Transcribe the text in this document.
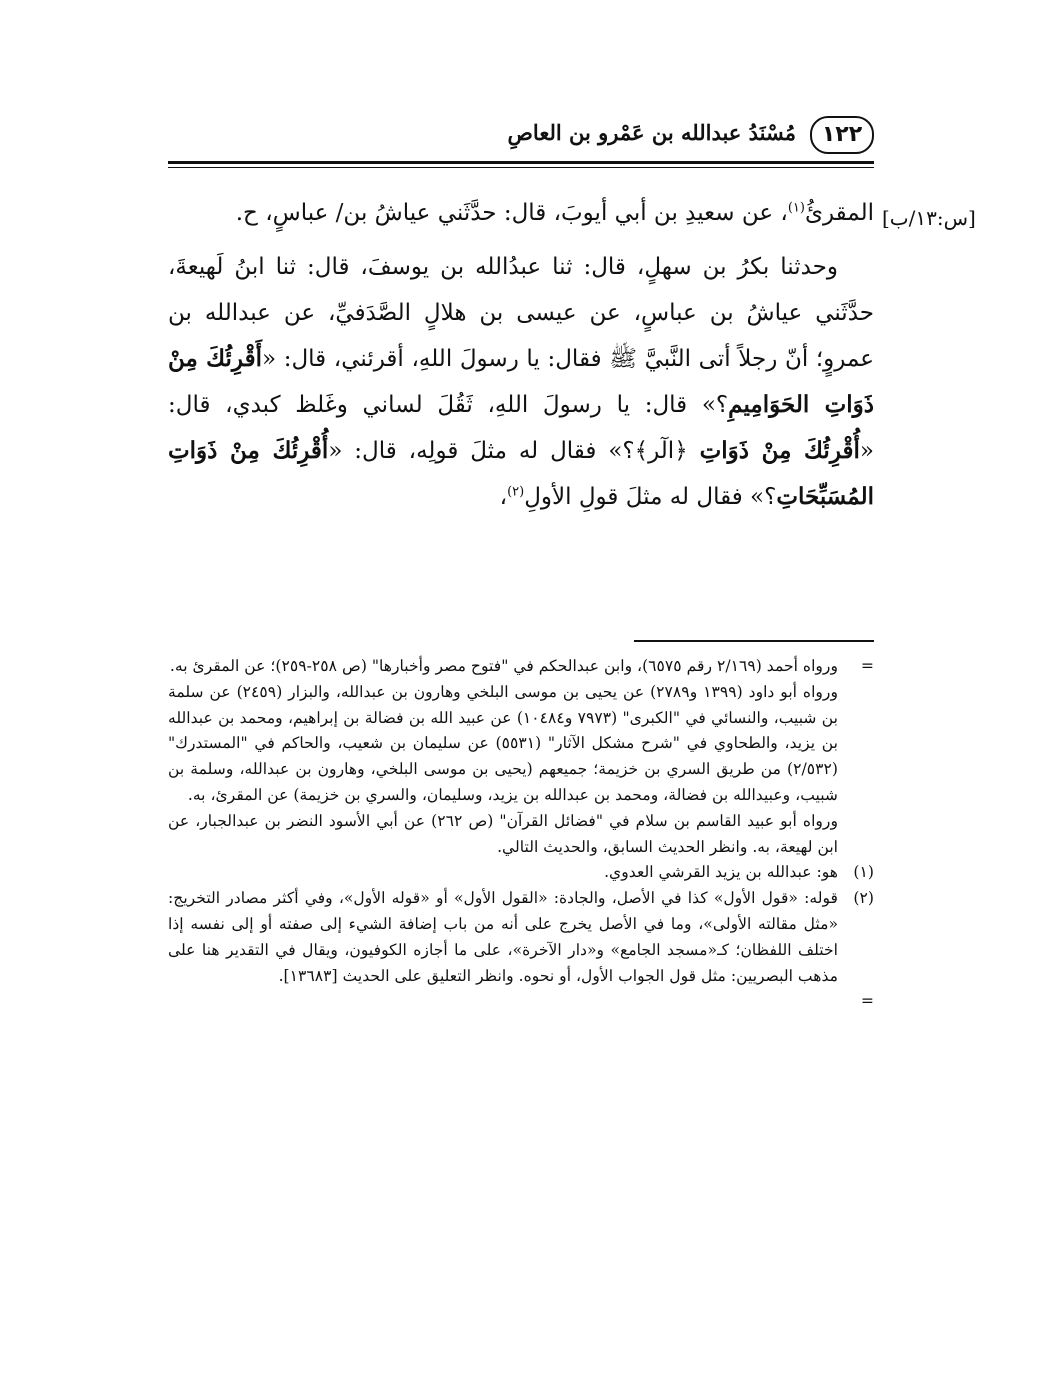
١٢٢
مُسْنَدُ عبدالله بن عَمْرو بن العاصِ
[س:١٣/ب]

المقرئُ$^{(١)}$، عن سعيدِ بن أبي أيوبَ، قال: حدَّثَني عياشُ بن/ عباسٍ، ح.

وحدثنا بكرُ بن سهلٍ، قال: ثنا عبدُالله بن يوسفَ، قال: ثنا ابنُ لَهيعةَ، حدَّثَني عياشُ بن عباسٍ، عن عيسى بن هلالٍ الصَّدَفيِّ، عن عبدالله بن عمروٍ؛ أنّ رجلاً أتى النَّبيَّ ﷺ فقال: يا رسولَ اللهِ، أقرئني، قال: «أَقْرِئُكَ مِنْ ذَوَاتِ الحَوَامِيمِ؟» قال: يا رسولَ اللهِ، ثَقُلَ لساني وغَلظ كبدي، قال: «أُقْرِئُكَ مِنْ ذَوَاتِ ﴿الٓر﴾؟» فقال له مثلَ قولِه، قال: «أُقْرِئُكَ مِنْ ذَوَاتِ المُسَبِّحَاتِ؟» فقال له مثلَ قولِ الأولِ$^{(٢)}$،

=

ورواه أحمد (٢/١٦٩ رقم ٦٥٧٥)، وابن عبدالحكم في "فتوح مصر وأخبارها" (ص ٢٥٨-٢٥٩)؛ عن المقرئ به.

ورواه أبو داود (١٣٩٩ و٢٧٨٩) عن يحيى بن موسى البلخي وهارون بن عبدالله، والبزار (٢٤٥٩) عن سلمة بن شبيب، والنسائي في "الكبرى" (٧٩٧٣ و١٠٤٨٤) عن عبيد الله بن فضالة بن إبراهيم، ومحمد بن عبدالله بن يزيد، والطحاوي في "شرح مشكل الآثار" (٥٥٣١) عن سليمان بن شعيب، والحاكم في "المستدرك" (٢/٥٣٢) من طريق السري بن خزيمة؛ جميعهم (يحيى بن موسى البلخي، وهارون بن عبدالله، وسلمة بن شبيب، وعبيدالله بن فضالة، ومحمد بن عبدالله بن يزيد، وسليمان، والسري بن خزيمة) عن المقرئ، به.

ورواه أبو عبيد القاسم بن سلام في "فضائل القرآن" (ص ٢٦٢) عن أبي الأسود النضر بن عبدالجبار، عن ابن لهيعة، به. وانظر الحديث السابق، والحديث التالي.

(١)

هو: عبدالله بن يزيد القرشي العدوي.

(٢)

قوله: «قول الأول» كذا في الأصل، والجادة: «القول الأول» أو «قوله الأول»، وفي أكثر مصادر التخريج: «مثل مقالته الأولى»، وما في الأصل يخرج على أنه من باب إضافة الشيء إلى صفته أو إلى نفسه إذا اختلف اللفظان؛ كـ«مسجد الجامع» و«دار الآخرة»، على ما أجازه الكوفيون، ويقال في التقدير هنا على مذهب البصريين: مثل قول الجواب الأول، أو نحوه. وانظر التعليق على الحديث [١٣٦٨٣].

=
